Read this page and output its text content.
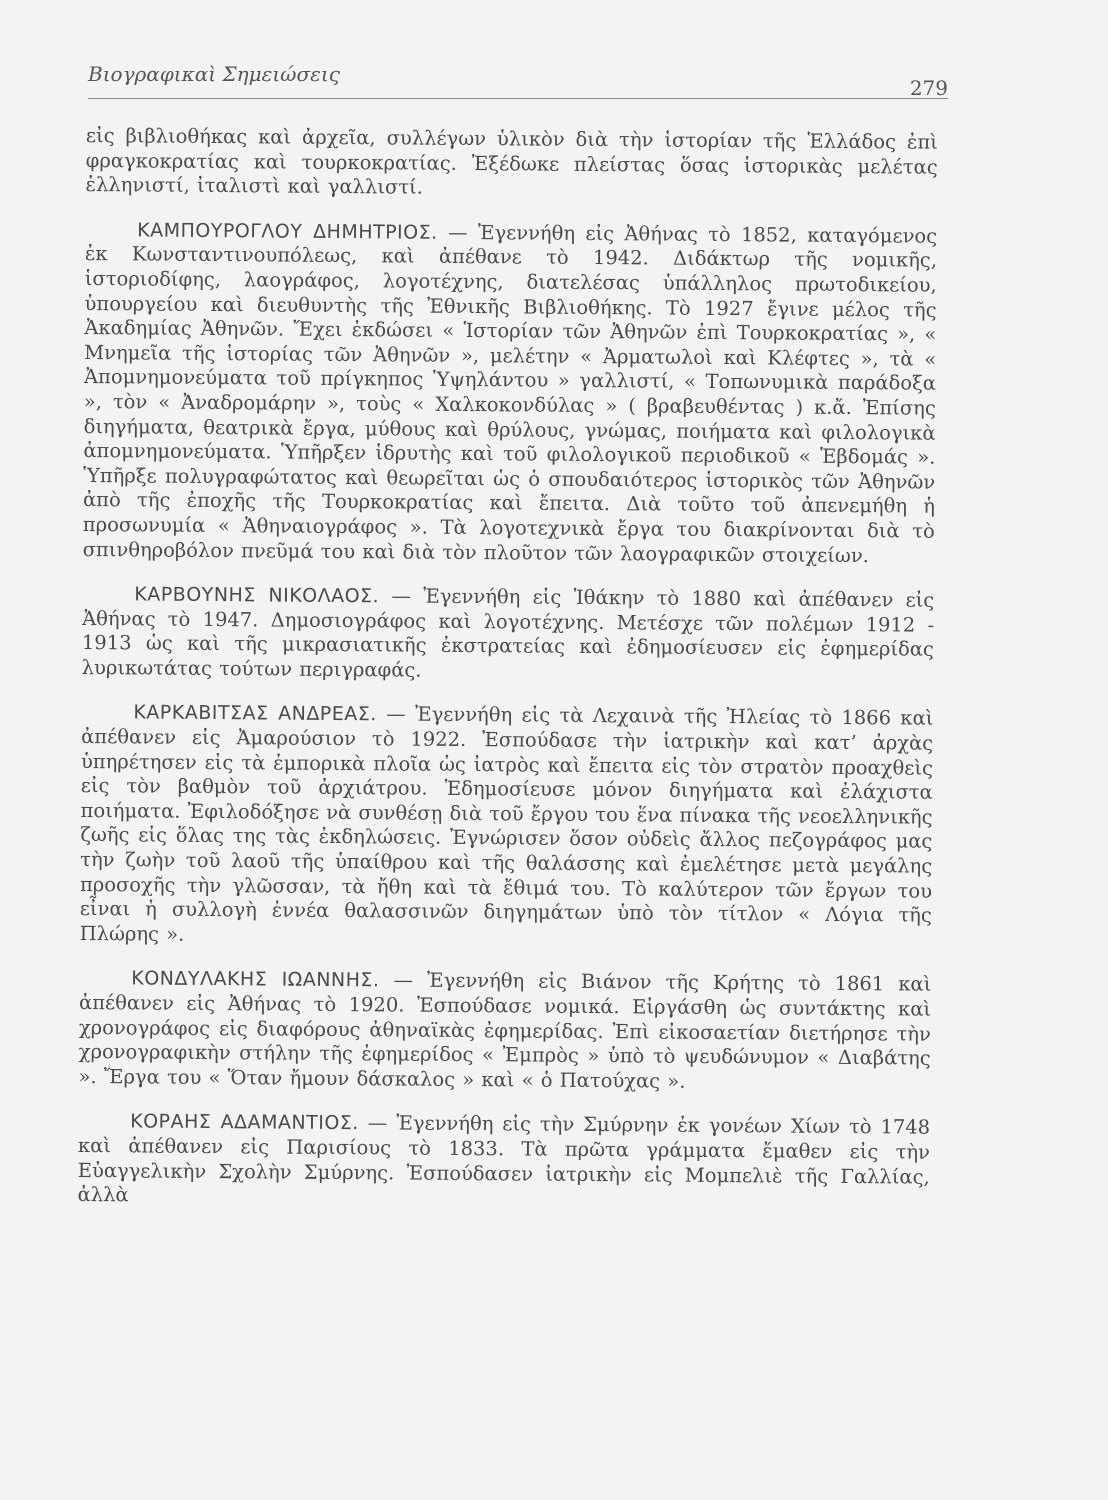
Βιογραφικαὶ Σημειώσεις
279

εἰς βιβλιοθήκας καὶ ἀρχεῖα, συλλέγων ὑλικὸν διὰ τὴν ἱστορίαν τῆς Ἑλλάδος ἐπὶ φραγκοκρατίας καὶ τουρκοκρατίας. Ἐξέδωκε πλείστας ὅσας ἱστορικὰς μελέτας ἑλληνιστί, ἰταλιστὶ καὶ γαλλιστί.

ΚΑΜΠΟΥΡΟΓΛΟΥ ΔΗΜΗΤΡΙΟΣ. — Ἐγεννήθη εἰς Ἀθήνας τὸ 1852, καταγόμενος ἐκ Κωνσταντινουπόλεως, καὶ ἀπέθανε τὸ 1942. Διδάκτωρ τῆς νομικῆς, ἱστοριοδίφης, λαογράφος, λογοτέχνης, διατελέσας ὑπάλληλος πρωτοδικείου, ὑπουργείου καὶ διευθυντὴς τῆς Ἐθνικῆς Βιβλιοθήκης. Τὸ 1927 ἔγινε μέλος τῆς Ἀκαδημίας Ἀθηνῶν. Ἔχει ἐκδώσει « Ἱστορίαν τῶν Ἀθηνῶν ἐπὶ Τουρκοκρατίας », « Μνημεῖα τῆς ἱστορίας τῶν Ἀθηνῶν », μελέτην « Ἀρματωλοὶ καὶ Κλέφτες », τὰ « Ἀπομνημονεύματα τοῦ πρίγκηπος Ὑψηλάντου » γαλλιστί, « Τοπωνυμικὰ παράδοξα », τὸν « Ἀναδρομάρην », τοὺς « Χαλκοκονδύλας » ( βραβευθέντας ) κ.ἄ. Ἐπίσης διηγήματα, θεατρικὰ ἔργα, μύθους καὶ θρύλους, γνώμας, ποιήματα καὶ φιλολογικὰ ἀπομνημονεύματα. Ὑπῆρξεν ἱδρυτὴς καὶ τοῦ φιλολογικοῦ περιοδικοῦ « Ἑβδομάς ». Ὑπῆρξε πολυγραφώτατος καὶ θεωρεῖται ὡς ὁ σπουδαιότερος ἱστορικὸς τῶν Ἀθηνῶν ἀπὸ τῆς ἐποχῆς τῆς Τουρκοκρατίας καὶ ἔπειτα. Διὰ τοῦτο τοῦ ἀπενεμήθη ἡ προσωνυμία « Ἀθηναιογράφος ». Τὰ λογοτεχνικὰ ἔργα του διακρίνονται διὰ τὸ σπινθηροβόλον πνεῦμά του καὶ διὰ τὸν πλοῦτον τῶν λαογραφικῶν στοιχείων.

ΚΑΡΒΟΥΝΗΣ ΝΙΚΟΛΑΟΣ. — Ἐγεννήθη εἰς Ἰθάκην τὸ 1880 καὶ ἀπέθανεν εἰς Ἀθήνας τὸ 1947. Δημοσιογράφος καὶ λογοτέχνης. Μετέσχε τῶν πολέμων 1912 - 1913 ὡς καὶ τῆς μικρασιατικῆς ἐκστρατείας καὶ ἐδημοσίευσεν εἰς ἐφημερίδας λυρικωτάτας τούτων περιγραφάς.

ΚΑΡΚΑΒΙΤΣΑΣ ΑΝΔΡΕΑΣ. — Ἐγεννήθη εἰς τὰ Λεχαινὰ τῆς Ἠλείας τὸ 1866 καὶ ἀπέθανεν εἰς Ἀμαρούσιον τὸ 1922. Ἐσπούδασε τὴν ἰατρικὴν καὶ κατ’ ἀρχὰς ὑπηρέτησεν εἰς τὰ ἐμπορικὰ πλοῖα ὡς ἰατρὸς καὶ ἔπειτα εἰς τὸν στρατὸν προαχθεὶς εἰς τὸν βαθμὸν τοῦ ἀρχιάτρου. Ἐδημοσίευσε μόνον διηγήματα καὶ ἐλάχιστα ποιήματα. Ἐφιλοδόξησε νὰ συνθέσῃ διὰ τοῦ ἔργου του ἕνα πίνακα τῆς νεοελληνικῆς ζωῆς εἰς ὅλας της τὰς ἐκδηλώσεις. Ἐγνώρισεν ὅσον οὐδεὶς ἄλλος πεζογράφος μας τὴν ζωὴν τοῦ λαοῦ τῆς ὑπαίθρου καὶ τῆς θαλάσσης καὶ ἐμελέτησε μετὰ μεγάλης προσοχῆς τὴν γλῶσσαν, τὰ ἤθη καὶ τὰ ἔθιμά του. Τὸ καλύτερον τῶν ἔργων του εἶναι ἡ συλλογὴ ἐννέα θαλασσινῶν διηγημάτων ὑπὸ τὸν τίτλον « Λόγια τῆς Πλώρης ».

ΚΟΝΔΥΛΑΚΗΣ ΙΩΑΝΝΗΣ. — Ἐγεννήθη εἰς Βιάνον τῆς Κρήτης τὸ 1861 καὶ ἀπέθανεν εἰς Ἀθήνας τὸ 1920. Ἐσπούδασε νομικά. Εἰργάσθη ὡς συντάκτης καὶ χρονογράφος εἰς διαφόρους ἀθηναϊκὰς ἐφημερίδας. Ἐπὶ εἰκοσαετίαν διετήρησε τὴν χρονογραφικὴν στήλην τῆς ἐφημερίδος « Ἐμπρὸς » ὑπὸ τὸ ψευδώνυμον « Διαβάτης ». Ἔργα του « Ὅταν ἤμουν δάσκαλος » καὶ « ὁ Πατούχας ».

ΚΟΡΑΗΣ ΑΔΑΜΑΝΤΙΟΣ. — Ἐγεννήθη εἰς τὴν Σμύρνην ἐκ γονέων Χίων τὸ 1748 καὶ ἀπέθανεν εἰς Παρισίους τὸ 1833. Τὰ πρῶτα γράμματα ἔμαθεν εἰς τὴν Εὐαγγελικὴν Σχολὴν Σμύρνης. Ἐσπούδασεν ἰατρικὴν εἰς Μομπελιὲ τῆς Γαλλίας, ἀλλὰ
